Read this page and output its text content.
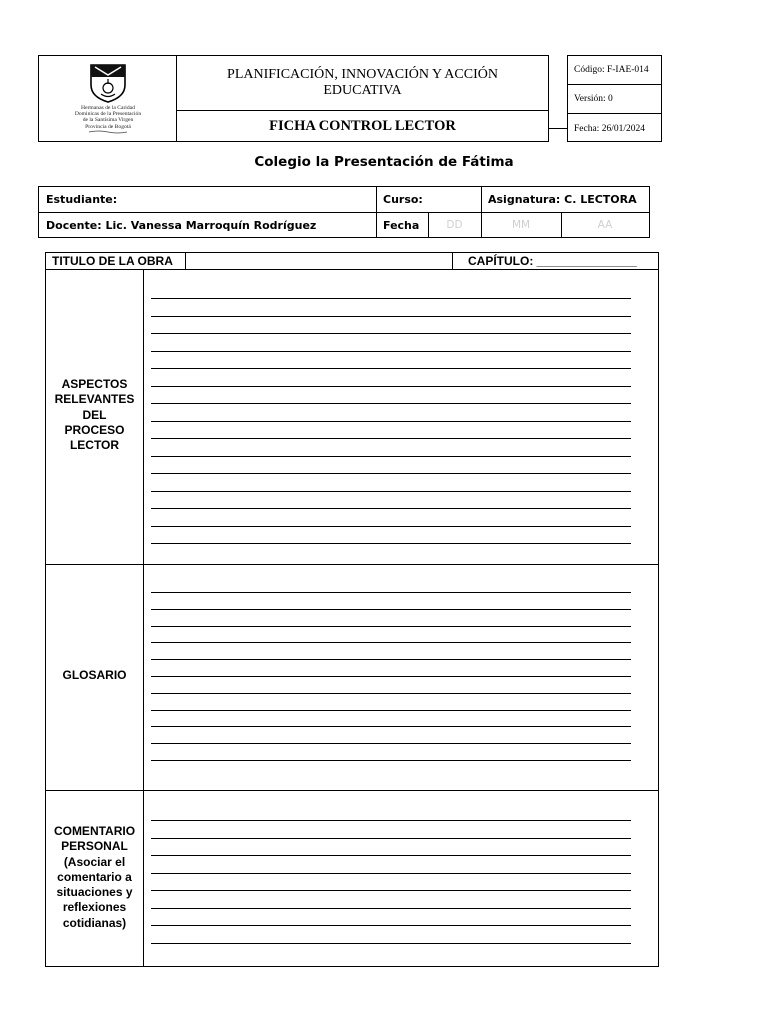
Hermanas de la Caridad
Dominicas de la Presentación
de la Santísima Virgen
Provincia de Bogotá
PLANIFICACIÓN, INNOVACIÓN Y ACCIÓN EDUCATIVA
FICHA CONTROL LECTOR
Código: F-IAE-014
Versión: 0
Fecha: 26/01/2024
Colegio la Presentación de Fátima
Estudiante:	Curso:	Asignatura: C. LECTORA
Docente: Lic. Vanessa Marroquín Rodríguez	Fecha	DD	MM	AA
TITULO DE LA OBRA	CAPÍTULO: _______________
ASPECTOS
RELEVANTES
DEL
PROCESO
LECTOR
GLOSARIO
COMENTARIO
PERSONAL
(Asociar el
comentario a
situaciones y
reflexiones
cotidianas)
